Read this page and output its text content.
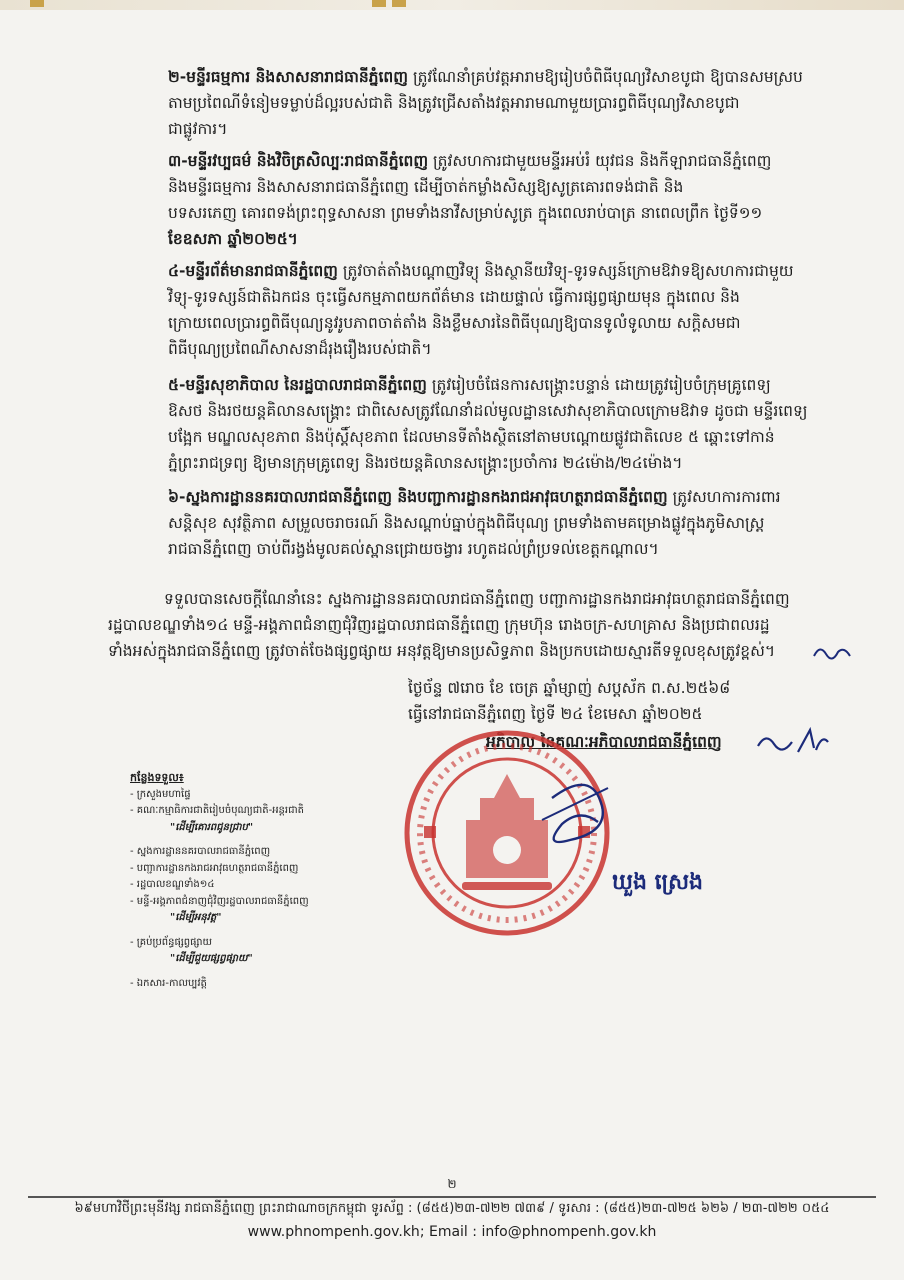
២-មន្ទីរធម្មការ និងសាសនារាជធានីភ្នំពេញ ត្រូវណែនាំគ្រប់វត្តអារាមឱ្យរៀបចំពិធីបុណ្យវិសាខបូជា ឱ្យបានសមស្រប
តាមប្រពៃណីទំនៀមទម្លាប់ដ៏ល្អរបស់ជាតិ និងត្រូវជ្រើសតាំងវត្តអារាមណាមួយប្រារព្ធពិធីបុណ្យវិសាខបូជា
ជាផ្លូវការ។
៣-មន្ទីរវប្បធម៌ និងវិចិត្រសិល្បៈរាជធានីភ្នំពេញ ត្រូវសហការជាមួយមន្ទីរអប់រំ យុវជន និងកីឡារាជធានីភ្នំពេញ
និងមន្ទីរធម្មការ និងសាសនារាជធានីភ្នំពេញ ដើម្បីចាត់កម្លាំងសិស្សឱ្យសូត្រគោរពទង់ជាតិ និង
បទសរភេញ គោរពទង់ព្រះពុទ្ធសាសនា ព្រមទាំងនាវីសម្រាប់សូត្រ ក្នុងពេលរាប់បាត្រ នាពេលព្រឹក ថ្ងៃទី១១
ខែឧសភា ឆ្នាំ២០២៥។
៤-មន្ទីរព័ត៌មានរាជធានីភ្នំពេញ ត្រូវចាត់តាំងបណ្តាញវិទ្យុ និងស្ថានីយវិទ្យុ-ទូរទស្សន៍ក្រោមឱវាទឱ្យសហការជាមួយ
វិទ្យុ-ទូរទស្សន៍ជាតិឯកជន ចុះធ្វើសកម្មភាពយកព័ត៌មាន ដោយផ្ទាល់ ធ្វើការផ្សព្វផ្សាយមុន ក្នុងពេល និង
ក្រោយពេលប្រារព្ធពិធីបុណ្យនូវរូបភាពចាត់តាំង និងខ្លឹមសារនៃពិធីបុណ្យឱ្យបានទូលំទូលាយ សក្តិសមជា
ពិធីបុណ្យប្រពៃណីសាសនាដ៏រុងរឿងរបស់ជាតិ។
៥-មន្ទីរសុខាភិបាល នៃរដ្ឋបាលរាជធានីភ្នំពេញ ត្រូវរៀបចំផែនការសង្គ្រោះបន្ទាន់ ដោយត្រូវរៀបចំក្រុមគ្រូពេទ្យ
ឱសថ និងរថយន្តគិលានសង្គ្រោះ ជាពិសេសត្រូវណែនាំដល់មូលដ្ឋានសេវាសុខាភិបាលក្រោមឱវាទ ដូចជា មន្ទីរពេទ្យ
បង្អែក មណ្ឌលសុខភាព និងប៉ុស្តិ៍សុខភាព ដែលមានទីតាំងស្ថិតនៅតាមបណ្តោយផ្លូវជាតិលេខ ៥ ឆ្ពោះទៅកាន់
ភ្នំព្រះរាជទ្រព្យ ឱ្យមានក្រុមគ្រូពេទ្យ និងរថយន្តគិលានសង្គ្រោះប្រចាំការ ២៤ម៉ោង/២៤ម៉ោង។
៦-ស្នងការដ្ឋាននគរបាលរាជធានីភ្នំពេញ និងបញ្ជាការដ្ឋានកងរាជអាវុធហត្ថរាជធានីភ្នំពេញ ត្រូវសហការការពារ
សន្តិសុខ សុវត្ថិភាព សម្រួលចរាចរណ៍ និងសណ្តាប់ធ្នាប់ក្នុងពិធីបុណ្យ ព្រមទាំងតាមគម្រោងផ្លូវក្នុងភូមិសាស្ត្រ
រាជធានីភ្នំពេញ ចាប់ពីរង្វង់មូលគល់ស្ពានជ្រោយចង្វារ រហូតដល់ព្រំប្រទល់ខេត្តកណ្តាល។
ទទួលបានសេចក្តីណែនាំនេះ ស្នងការដ្ឋាននគរបាលរាជធានីភ្នំពេញ បញ្ជាការដ្ឋានកងរាជអាវុធហត្ថរាជធានីភ្នំពេញ
រដ្ឋបាលខណ្ឌទាំង១៤ មន្ទី-អង្គភាពជំនាញជុំវិញរដ្ឋបាលរាជធានីភ្នំពេញ ក្រុមហ៊ុន រោងចក្រ-សហគ្រាស និងប្រជាពលរដ្ឋ
ទាំងអស់ក្នុងរាជធានីភ្នំពេញ ត្រូវចាត់ចែងផ្សព្វផ្សាយ អនុវត្តឱ្យមានប្រសិទ្ធភាព និងប្រកបដោយស្មារតីទទួលខុសត្រូវខ្ពស់។
ថ្ងៃច័ន្ទ ៧រោច ខែ ចេត្រ ឆ្នាំម្សាញ់ សប្តស័ក ព.ស.២៥៦៨
ធ្វើនៅរាជធានីភ្នំពេញ ថ្ងៃទី ២៤ ខែមេសា ឆ្នាំ២០២៥
អភិបាល នៃគណៈអភិបាលរាជធានីភ្នំពេញ
ឃួង ស្រេង
កន្លែងទទួល៖
- ក្រសួងមហាផ្ទៃ
- គណៈកម្មាធិការជាតិរៀបចំបុណ្យជាតិ-អន្តរជាតិ
"ដើម្បីគោរពជូនជ្រាប"
- ស្នងការដ្ឋាននគរបាលរាជធានីភ្នំពេញ
- បញ្ជាការដ្ឋានកងរាជអាវុធហត្ថរាជធានីភ្នំពេញ
- រដ្ឋបាលខណ្ឌទាំង១៤
- មន្ទី-អង្គភាពជំនាញជុំវិញរដ្ឋបាលរាជធានីភ្នំពេញ
"ដើម្បីអនុវត្ត"
- គ្រប់ប្រព័ន្ធផ្សព្វផ្សាយ
"ដើម្បីជួយផ្សព្វផ្សាយ"
- ឯកសារ-កាលប្បវត្តិ
២
៦៩មហាវិថីព្រះមុនីវង្ស រាជធានីភ្នំពេញ ព្រះរាជាណាចក្រកម្ពុជា ទូរស័ព្ទ : (៨៥៥)២៣-៧២២ ៧៣៩ / ទូរសារ : (៨៥៥)២៣-៧២៥ ៦២៦ / ២៣-៧២២ ០៥៤
www.phnompenh.gov.kh; Email : info@phnompenh.gov.kh
